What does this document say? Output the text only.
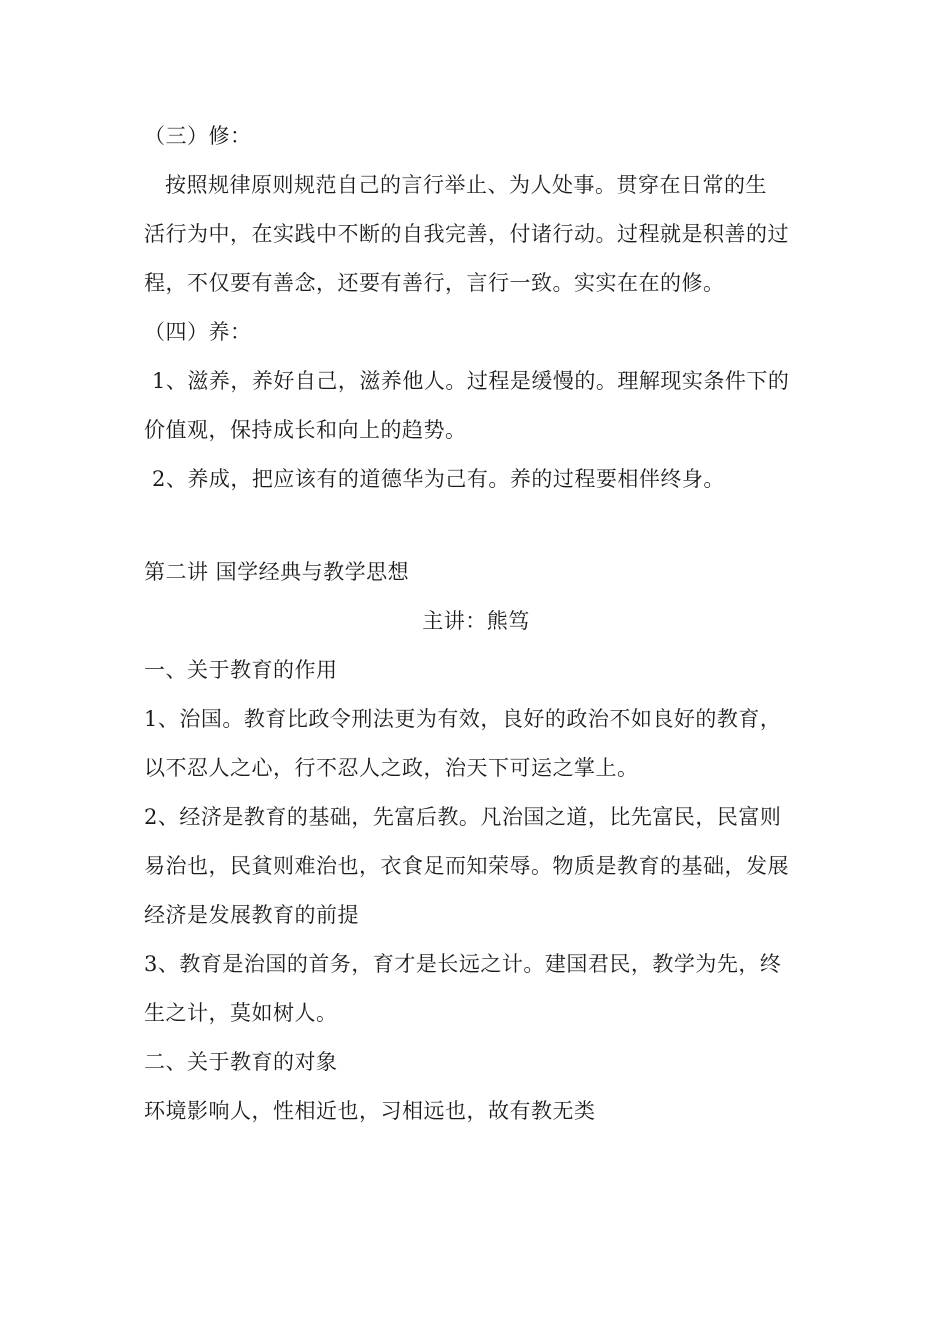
（三）修：
按照规律原则规范自己的言行举止、为人处事。贯穿在日常的生
活行为中，在实践中不断的自我完善，付诸行动。过程就是积善的过
程，不仅要有善念，还要有善行，言行一致。实实在在的修。
（四）养：
1、滋养，养好自己，滋养他人。过程是缓慢的。理解现实条件下的
价值观，保持成长和向上的趋势。
2、养成，把应该有的道德华为己有。养的过程要相伴终身。
第二讲 国学经典与教学思想
主讲：熊笃
一、关于教育的作用
1、治国。教育比政令刑法更为有效，良好的政治不如良好的教育，
以不忍人之心，行不忍人之政，治天下可运之掌上。
2、经济是教育的基础，先富后教。凡治国之道，比先富民，民富则
易治也，民貧则难治也，衣食足而知荣辱。物质是教育的基础，发展
经济是发展教育的前提
3、教育是治国的首务，育才是长远之计。建国君民，教学为先，终
生之计，莫如树人。
二、关于教育的对象
环境影响人，性相近也，习相远也，故有教无类
